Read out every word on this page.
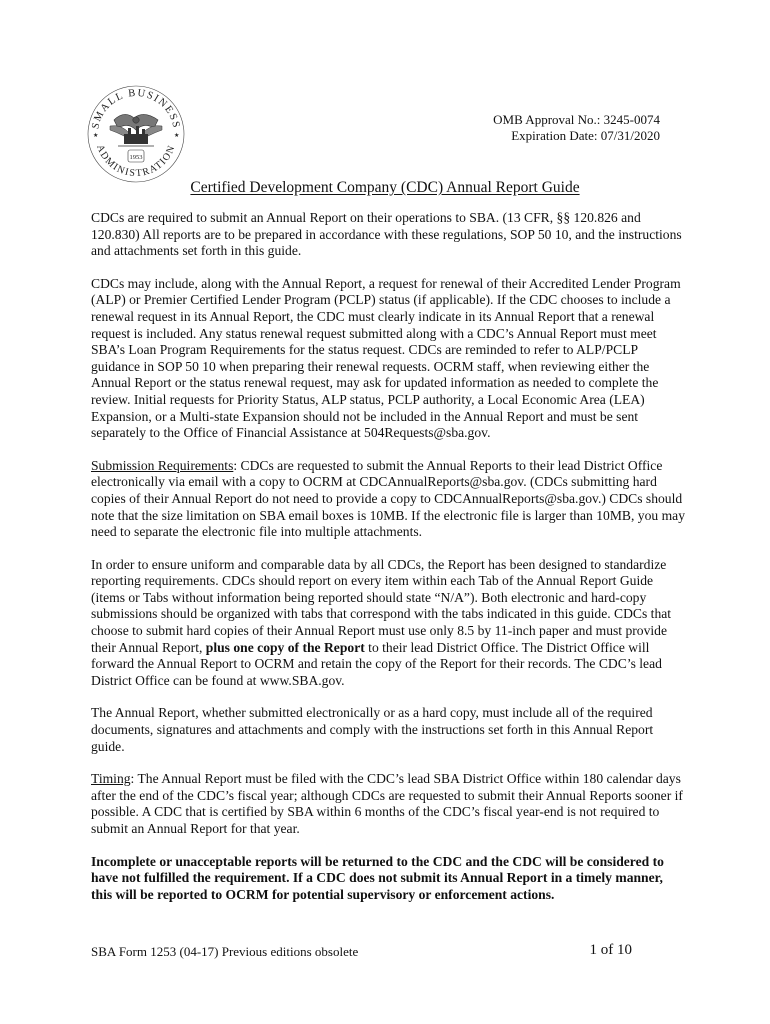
SMALL BUSINESS
ADMINISTRATION
★	★
1953
OMB Approval No.: 3245-0074
Expiration Date: 07/31/2020
Certified Development Company (CDC) Annual Report Guide

CDCs are required to submit an Annual Report on their operations to SBA. (13 CFR, §§ 120.826 and 120.830) All reports are to be prepared in accordance with these regulations, SOP 50 10, and the instructions and attachments set forth in this guide.

CDCs may include, along with the Annual Report, a request for renewal of their Accredited Lender Program (ALP) or Premier Certified Lender Program (PCLP) status (if applicable). If the CDC chooses to include a renewal request in its Annual Report, the CDC must clearly indicate in its Annual Report that a renewal request is included. Any status renewal request submitted along with a CDC’s Annual Report must meet SBA’s Loan Program Requirements for the status request. CDCs are reminded to refer to ALP/PCLP guidance in SOP 50 10 when preparing their renewal requests. OCRM staff, when reviewing either the Annual Report or the status renewal request, may ask for updated information as needed to complete the review. Initial requests for Priority Status, ALP status, PCLP authority, a Local Economic Area (LEA) Expansion, or a Multi-state Expansion should not be included in the Annual Report and must be sent separately to the Office of Financial Assistance at 504Requests@sba.gov.

Submission Requirements: CDCs are requested to submit the Annual Reports to their lead District Office electronically via email with a copy to OCRM at CDCAnnualReports@sba.gov. (CDCs submitting hard copies of their Annual Report do not need to provide a copy to CDCAnnualReports@sba.gov.) CDCs should note that the size limitation on SBA email boxes is 10MB. If the electronic file is larger than 10MB, you may need to separate the electronic file into multiple attachments.

In order to ensure uniform and comparable data by all CDCs, the Report has been designed to standardize reporting requirements. CDCs should report on every item within each Tab of the Annual Report Guide (items or Tabs without information being reported should state “N/A”). Both electronic and hard-copy submissions should be organized with tabs that correspond with the tabs indicated in this guide. CDCs that choose to submit hard copies of their Annual Report must use only 8.5 by 11-inch paper and must provide their Annual Report, plus one copy of the Report to their lead District Office. The District Office will forward the Annual Report to OCRM and retain the copy of the Report for their records. The CDC’s lead District Office can be found at www.SBA.gov.

The Annual Report, whether submitted electronically or as a hard copy, must include all of the required documents, signatures and attachments and comply with the instructions set forth in this Annual Report guide.

Timing: The Annual Report must be filed with the CDC’s lead SBA District Office within 180 calendar days after the end of the CDC’s fiscal year; although CDCs are requested to submit their Annual Reports sooner if possible. A CDC that is certified by SBA within 6 months of the CDC’s fiscal year-end is not required to submit an Annual Report for that year.

Incomplete or unacceptable reports will be returned to the CDC and the CDC will be considered to have not fulfilled the requirement. If a CDC does not submit its Annual Report in a timely manner, this will be reported to OCRM for potential supervisory or enforcement actions.

SBA Form 1253 (04-17) Previous editions obsolete	1 of 10
